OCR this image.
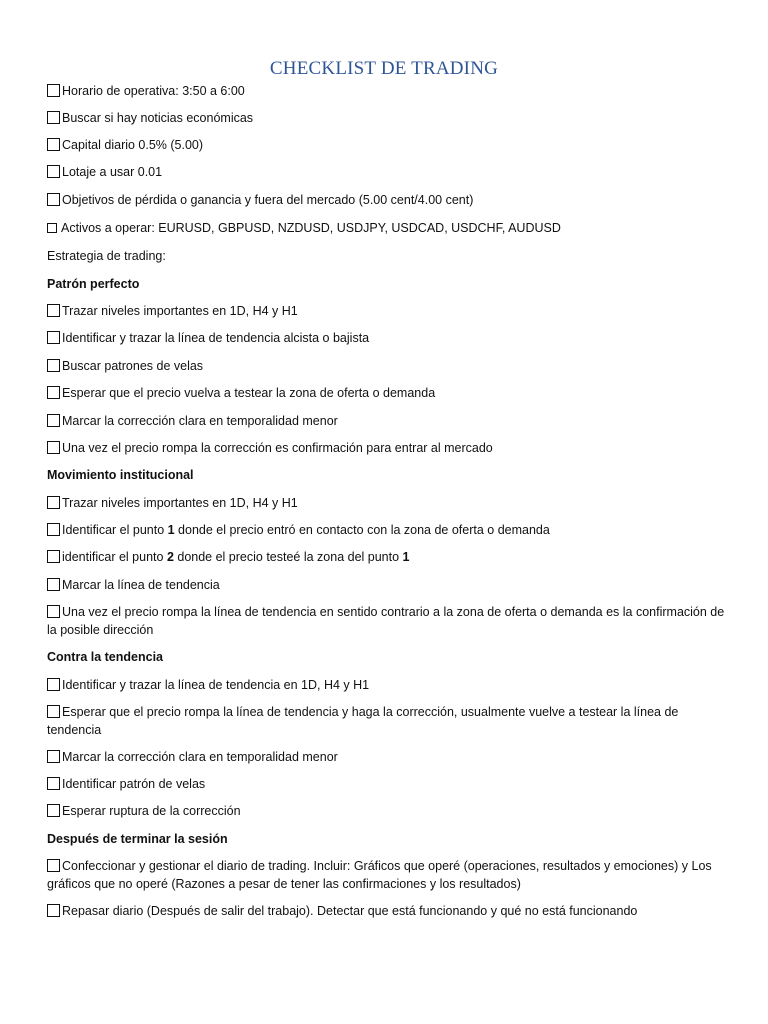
CHECKLIST DE TRADING
Horario de operativa: 3:50 a 6:00
Buscar si hay noticias económicas
Capital diario 0.5% (5.00)
Lotaje a usar 0.01
Objetivos de pérdida o ganancia y fuera del mercado (5.00 cent/4.00 cent)
Activos a operar: EURUSD, GBPUSD, NZDUSD, USDJPY, USDCAD, USDCHF, AUDUSD
Estrategia de trading:
Patrón perfecto
Trazar niveles importantes en 1D, H4 y H1
Identificar y trazar la línea de tendencia alcista o bajista
Buscar patrones de velas
Esperar que el precio vuelva a testear la zona de oferta o demanda
Marcar la corrección clara en temporalidad menor
Una vez el precio rompa la corrección es confirmación para entrar al mercado
Movimiento institucional
Trazar niveles importantes en 1D, H4 y H1
Identificar el punto 1 donde el precio entró en contacto con la zona de oferta o demanda
identificar el punto 2 donde el precio testeé la zona del punto 1
Marcar la línea de tendencia
Una vez el precio rompa la línea de tendencia en sentido contrario a la zona de oferta o demanda es la confirmación de la posible dirección
Contra la tendencia
Identificar y trazar la línea de tendencia en 1D, H4 y H1
Esperar que el precio rompa la línea de tendencia y haga la corrección, usualmente vuelve a testear la línea de tendencia
Marcar la corrección clara en temporalidad menor
Identificar patrón de velas
Esperar ruptura de la corrección
Después de terminar la sesión
Confeccionar y gestionar el diario de trading. Incluir: Gráficos que operé (operaciones, resultados y emociones) y Los gráficos que no operé (Razones a pesar de tener las confirmaciones y los resultados)
Repasar diario (Después de salir del trabajo). Detectar que está funcionando y qué no está funcionando
